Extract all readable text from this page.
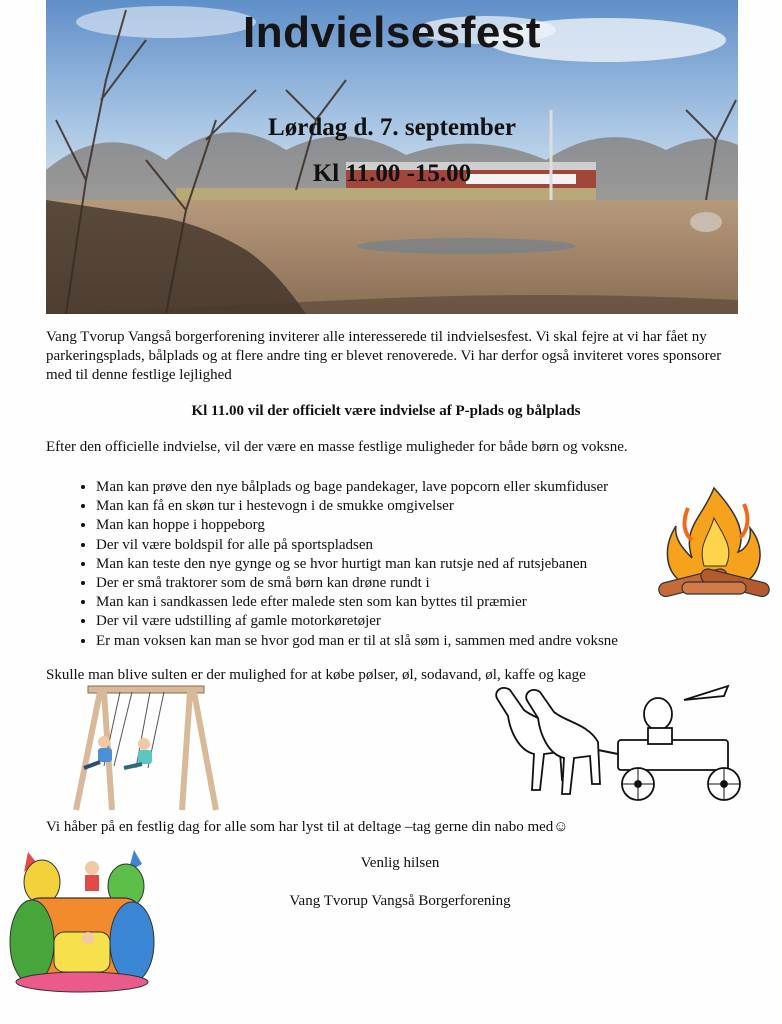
Indvielsesfest
Lørdag d. 7. september
Kl 11.00 -15.00
Vang Tvorup Vangså borgerforening inviterer alle interesserede til indvielsesfest. Vi skal fejre at vi har fået ny parkeringsplads, bålplads og at flere andre ting er blevet renoverede. Vi har derfor også inviteret vores sponsorer med til denne festlige lejlighed
Kl 11.00 vil der officielt være indvielse af P-plads og bålplads
Efter den officielle indvielse, vil der være en masse festlige muligheder for både børn og voksne.
• Man kan prøve den nye bålplads og bage pandekager, lave popcorn eller skumfiduser
• Man kan få en skøn tur i hestevogn i de smukke omgivelser
• Man kan hoppe i hoppeborg
• Der vil være boldspil for alle på sportspladsen
• Man kan teste den nye gynge og se hvor hurtigt man kan rutsje ned af rutsjebanen
• Der er små traktorer som de små børn kan drøne rundt i
• Man kan i sandkassen lede efter malede sten som kan byttes til præmier
• Der vil være udstilling af gamle motorkøretøjer
• Er man voksen kan man se hvor god man er til at slå søm i, sammen med andre voksne
Skulle man blive sulten er der mulighed for at købe pølser, øl, sodavand, øl, kaffe og kage
Vi håber på en festlig dag for alle som har lyst til at deltage –tag gerne din nabo med☺
Venlig hilsen
Vang Tvorup Vangså Borgerforening
